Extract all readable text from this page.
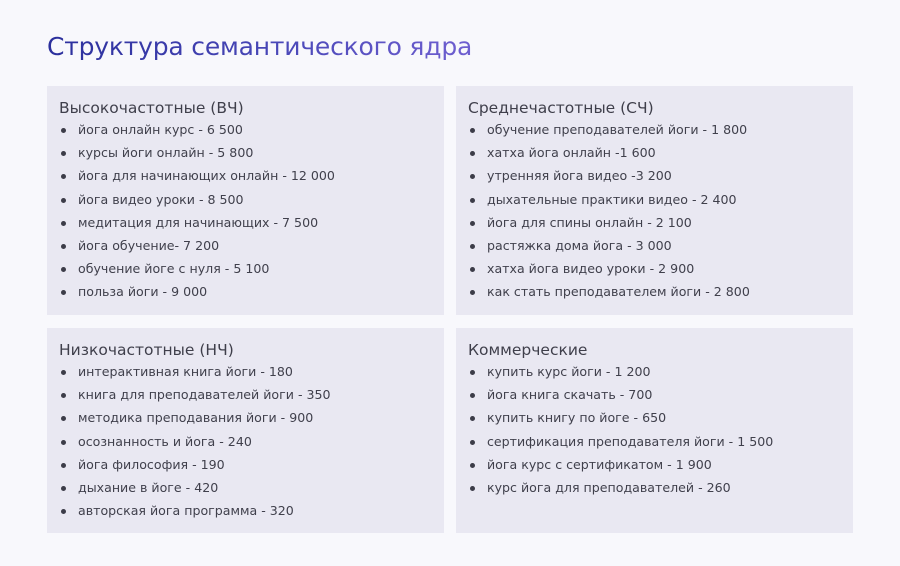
Структура семантического ядра
Высокочастотные (ВЧ)
йога онлайн курс - 6 500
курсы йоги онлайн - 5 800
йога для начинающих онлайн - 12 000
йога видео уроки - 8 500
медитация для начинающих - 7 500
йога обучение- 7 200
обучение йоге с нуля - 5 100
польза йоги - 9 000
Среднечастотные (СЧ)
обучение преподавателей йоги - 1 800
хатха йога онлайн -1 600
утренняя йога видео -3 200
дыхательные практики видео - 2 400
йога для спины онлайн - 2 100
растяжка дома йога - 3 000
хатха йога видео уроки - 2 900
как стать преподавателем йоги - 2 800
Низкочастотные (НЧ)
интерактивная книга йоги - 180
книга для преподавателей йоги - 350
методика преподавания йоги - 900
осознанность и йога - 240
йога философия - 190
дыхание в йоге - 420
авторская йога программа - 320
Коммерческие
купить курс йоги - 1 200
йога книга скачать - 700
купить книгу по йоге - 650
сертификация преподавателя йоги - 1 500
йога курс с сертификатом - 1 900
курс йога для преподавателей - 260
